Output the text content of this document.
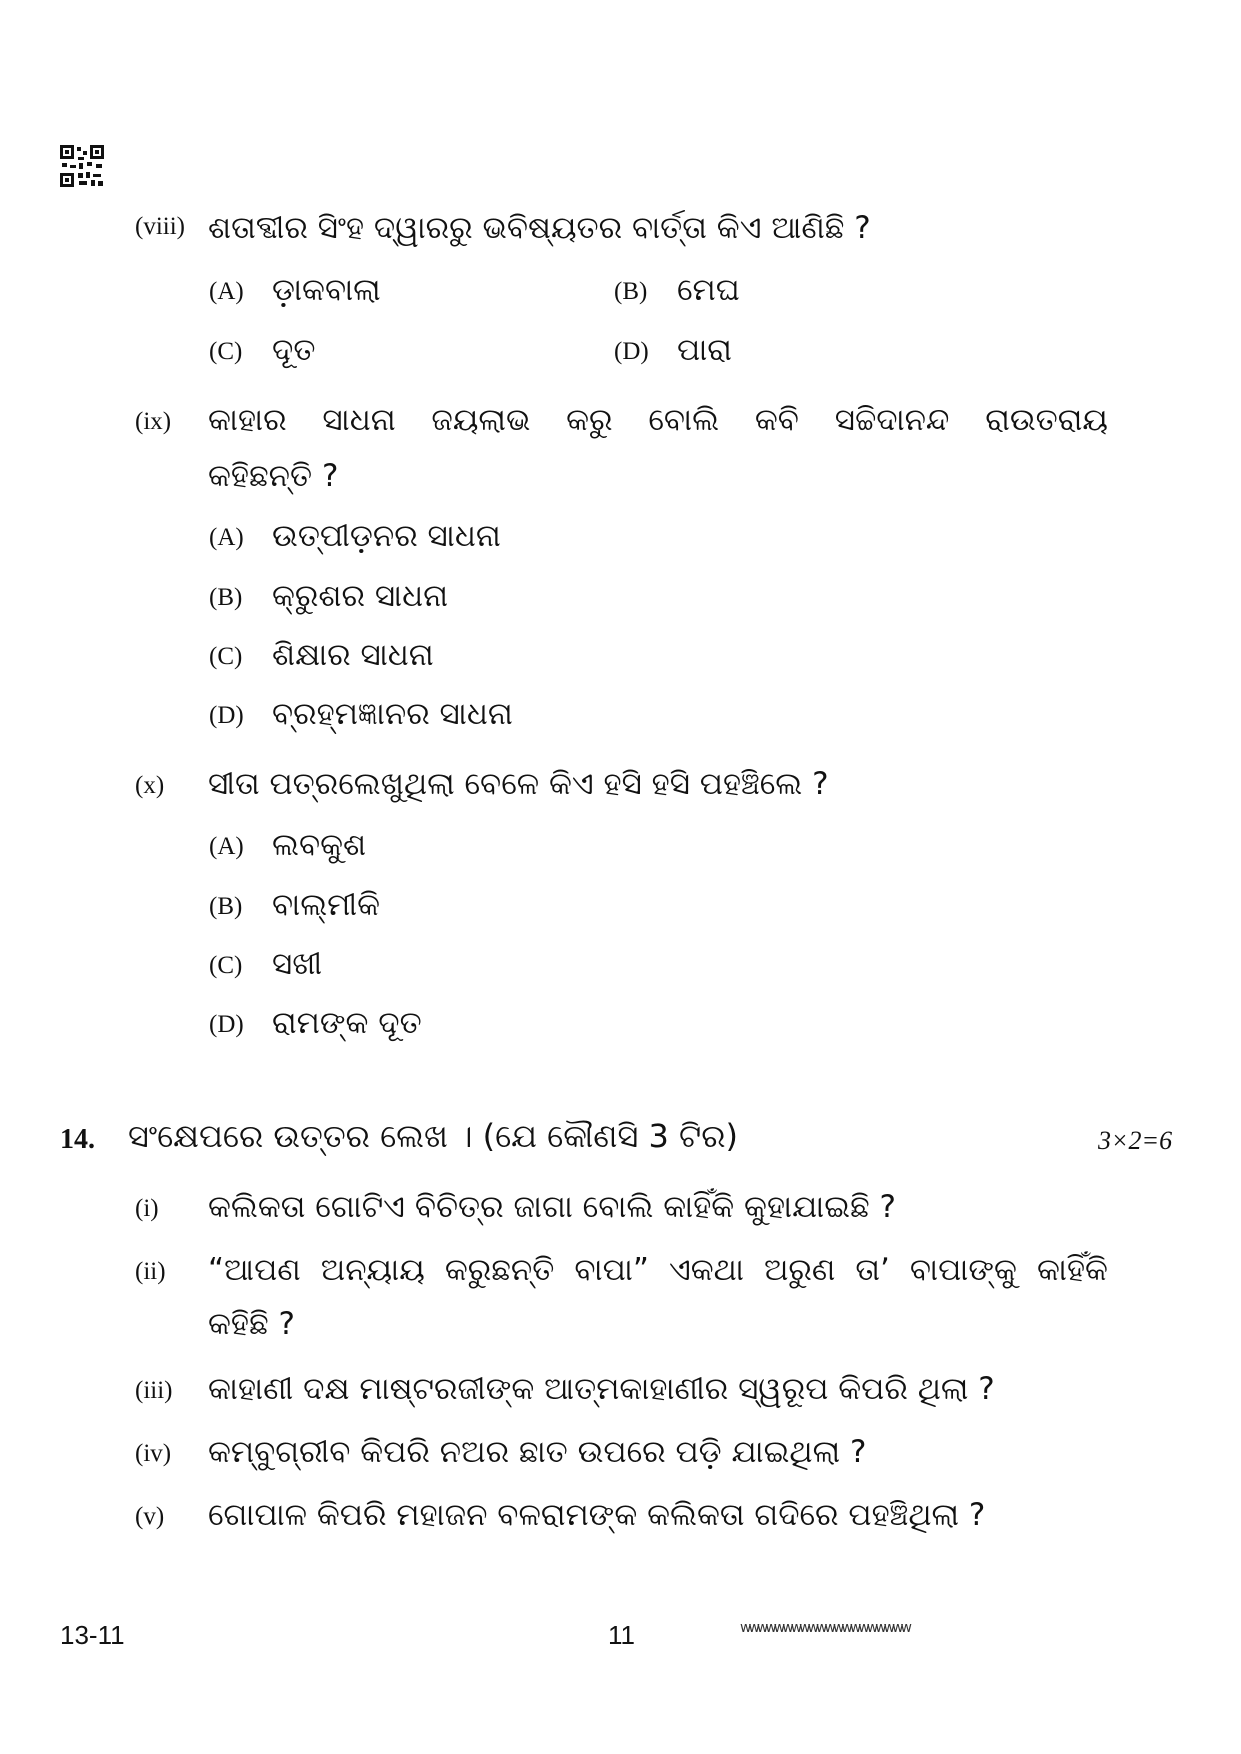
(viii) ଶତାବ୍ଦୀର ସିଂହ ଦ୍ୱାରରୁ ଭବିଷ୍ୟତର ବାର୍ତ୍ତା କିଏ ଆଣିଛି ?
(A) ଡ଼ାକବାଲା	(B) ମେଘ
(C) ଦୂତ	(D) ପାରା
(ix) କାହାର ସାଧନା ଜୟଲାଭ କରୁ ବୋଲି କବି ସଚ୍ଚିଦାନନ୍ଦ ରାଉତରାୟ
କହିଛନ୍ତି ?
(A) ଉତ୍ପୀଡ଼ନର ସାଧନା
(B) କ୍ରୁଶର ସାଧନା
(C) ଶିକ୍ଷାର ସାଧନା
(D) ବ୍ରହ୍ମଜ୍ଞାନର ସାଧନା
(x) ସୀତା ପତ୍ରଲେଖୁଥିଲା ବେଳେ କିଏ ହସି ହସି ପହଞ୍ଚିଲେ ?
(A) ଲବକୁଶ
(B) ବାଲ୍ମୀକି
(C) ସଖୀ
(D) ରାମଙ୍କ ଦୂତ
14. ସଂକ୍ଷେପରେ ଉତ୍ତର ଲେଖ । (ଯେ କୌଣସି 3 ଟିର)	3×2=6
(i) କଲିକତା ଗୋଟିଏ ବିଚିତ୍ର ଜାଗା ବୋଲି କାହିଁକି କୁହାଯାଇଛି ?
(ii) “ଆପଣ ଅନ୍ୟାୟ କରୁଛନ୍ତି ବାପା” ଏକଥା ଅରୁଣ ତା’ ବାପାଙ୍କୁ କାହିଁକି
କହିଛି ?
(iii) କାହାଣୀ ଦକ୍ଷ ମାଷ୍ଟରଜୀଙ୍କ ଆତ୍ମକାହାଣୀର ସ୍ୱରୂପ କିପରି ଥିଲା ?
(iv) କମ୍ବୁଗ୍ରୀବ କିପରି ନଅର ଛାତ ଉପରେ ପଡ଼ି ଯାଇଥିଲା ?
(v) ଗୋପାଳ କିପରି ମହାଜନ ବଳରାମଙ୍କ କଲିକତା ଗଦିରେ ପହଞ୍ଚିଥିଲା ?
13-11	11	wwwwwwwwwwwwwwwwwwww
